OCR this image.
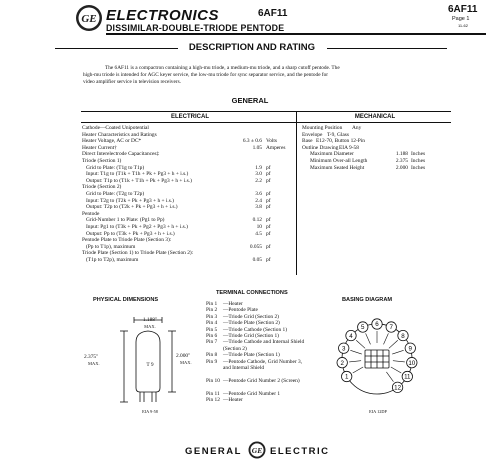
GE ELECTRONICS	6AF11	6AF11
Page 1
11-62
DISSIMILAR-DOUBLE-TRIODE PENTODE
DESCRIPTION AND RATING
The 6AF11 is a compactron containing a high-mu triode, a medium-mu triode, and a sharp cutoff pentode. The
high-mu triode is intended for AGC keyer service, the low-mu triode for sync separator service, and the pentode for
video amplifier service in television receivers.
GENERAL
ELECTRICAL	MECHANICAL
Cathode—Coated Unipotential
Heater Characteristics and Ratings
Heater Voltage, AC or DC*	6.3 ± 0.6 Volts
Heater Current†	1.05 Amperes
Direct Interelectrode Capacitances‡
Triode (Section 1)
Grid to Plate: (T1g to T1p)	1.9 pf
Input: T1g to (T1k + T1h + Pk + Pg3 + h + i.s.)	3.0 pf
Output: T1p to (T1k + T1h + Pk + Pg3 + h + i.s.)	2.2 pf
Triode (Section 2)
Grid to Plate: (T2g to T2p)	3.6 pf
Input: T2g to (T2k + Pk + Pg3 + h + i.s.)	2.4 pf
Output: T2p to (T2k + Pk + Pg3 + h + i.s.)	3.8 pf
Pentode
Grid-Number 1 to Plate: (Pg1 to Pp)	0.12 pf
Input: Pg1 to (T3k + Pk + Pg2 + Pg3 + h + i.s.)	10 pf
Output: Pp to (T3k + Pk + Pg3 + h + i.s.)	4.5 pf
Pentode Plate to Triode Plate (Section 3):
(Pp to T1p), maximum	0.055 pf
Triode Plate (Section 1) to Triode Plate (Section 2):
(T1p to T2p), maximum	0.05 pf
Mounting Position Any
Envelope T-9, Glass
Base E12-70, Button 12-Pin
Outline Drawing EIA 9-58
Maximum Diameter	1.188 Inches
Minimum Over-all Length	2.375 Inches
Maximum Seated Height	2.000 Inches
PHYSICAL DIMENSIONS
1.188"
MAX.
2.375"
MAX.	T 9
2.000"
MAX.
EIA 9-58
TERMINAL CONNECTIONS
Pin 1 —Heater
Pin 2 —Pentode Plate
Pin 3 —Triode Grid (Section 2)
Pin 4 —Triode Plate (Section 2)
Pin 5 —Triode Cathode (Section 1)
Pin 6 —Triode Grid (Section 1)
Pin 7 —Triode Cathode and Internal Shield (Section 2)
Pin 8 —Triode Plate (Section 1)
Pin 9 —Pentode Cathode, Grid Number 3, and Internal Shield
Pin 10 —Pentode Grid Number 2 (Screen)
Pin 11 —Pentode Grid Number 1
Pin 12 —Heater
BASING DIAGRAM
1
2
3
4
5 6 7
8
9
10
11
12
EIA 12DP
GENERAL GE ELECTRIC
